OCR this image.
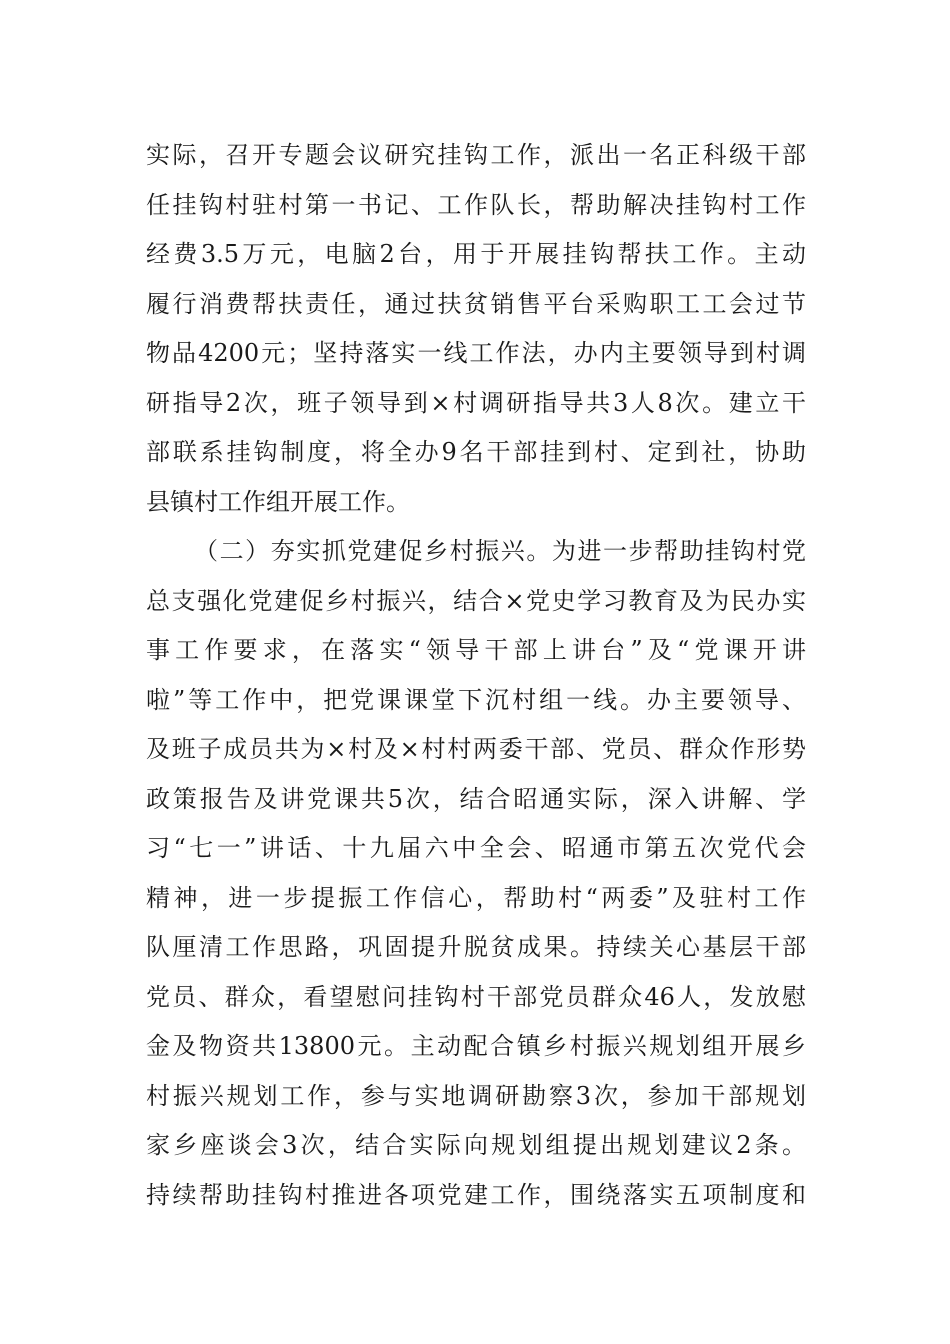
实际，召开专题会议研究挂钩工作，派出一名正科级干部
任挂钩村驻村第一书记、工作队长，帮助解决挂钩村工作
经费3.5万元，电脑2台，用于开展挂钩帮扶工作。主动
履行消费帮扶责任，通过扶贫销售平台采购职工工会过节
物品4200元；坚持落实一线工作法，办内主要领导到村调
研指导2次，班子领导到×村调研指导共3人8次。建立干
部联系挂钩制度，将全办9名干部挂到村、定到社，协助
县镇村工作组开展工作。
（二）夯实抓党建促乡村振兴。为进一步帮助挂钩村党
总支强化党建促乡村振兴，结合×党史学习教育及为民办实
事工作要求，在落实“领导干部上讲台”及“党课开讲
啦”等工作中，把党课课堂下沉村组一线。办主要领导、
及班子成员共为×村及×村村两委干部、党员、群众作形势
政策报告及讲党课共5次，结合昭通实际，深入讲解、学
习“七一”讲话、十九届六中全会、昭通市第五次党代会
精神，进一步提振工作信心，帮助村“两委”及驻村工作
队厘清工作思路，巩固提升脱贫成果。持续关心基层干部
党员、群众，看望慰问挂钩村干部党员群众46人，发放慰
金及物资共13800元。主动配合镇乡村振兴规划组开展乡
村振兴规划工作，参与实地调研勘察3次，参加干部规划
家乡座谈会3次，结合实际向规划组提出规划建议2条。
持续帮助挂钩村推进各项党建工作，围绕落实五项制度和
